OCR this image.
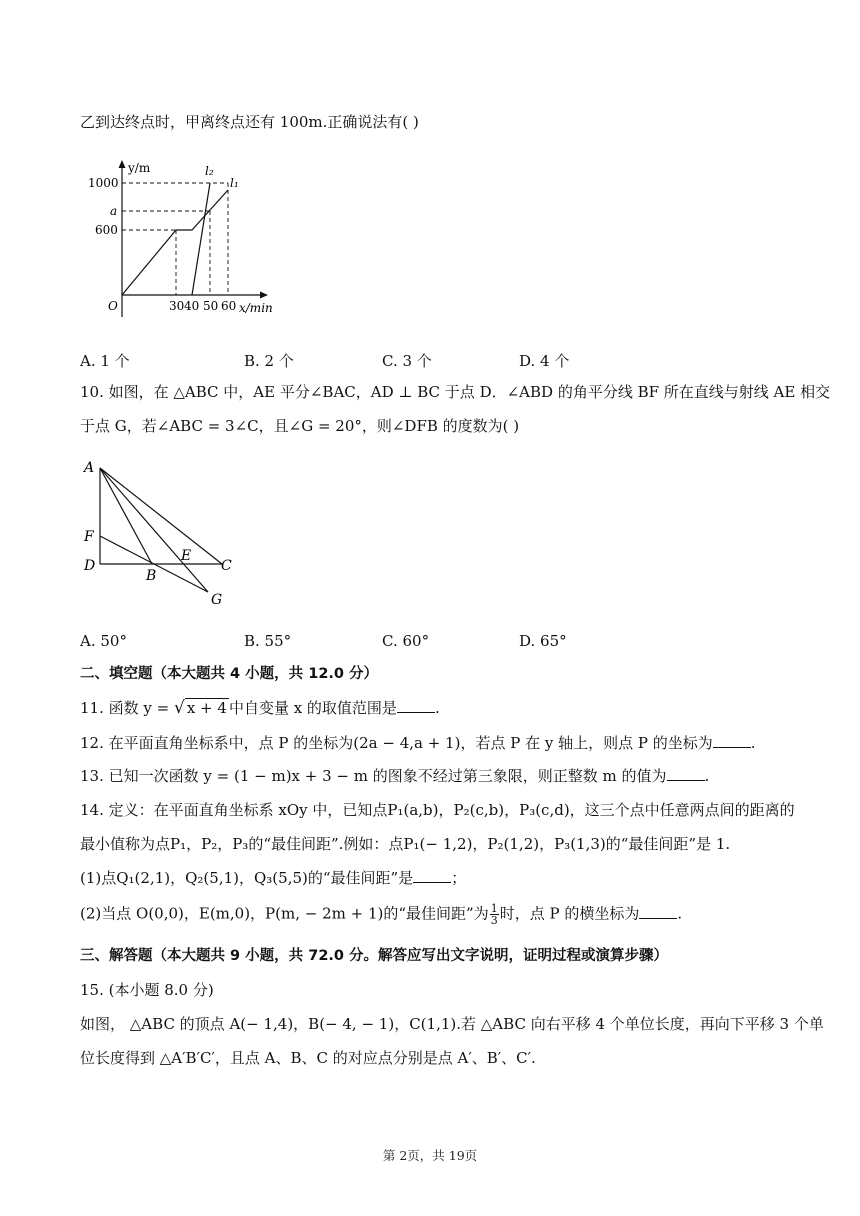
乙到达终点时，甲离终点还有 100m.正确说法有( )
y/m
x/min
O
1000
a
600
30 40 50 60
l₂
l₁
A. 1 个	B. 2 个	C. 3 个	D. 4 个
10. 如图，在 △ABC 中，AE 平分∠BAC，AD ⊥ BC 于点 D．∠ABD 的角平分线 BF 所在直线与射线 AE 相交
于点 G，若∠ABC = 3∠C，且∠G = 20°，则∠DFB 的度数为( )
A
F
D
B
E
C
G
A. 50°	B. 55°	C. 60°	D. 65°
二、填空题（本大题共 4 小题，共 12.0 分）
11. 函数 y = √ x + 4 中自变量 x 的取值范围是	.
12. 在平面直角坐标系中，点 P 的坐标为(2a − 4,a + 1)，若点 P 在 y 轴上，则点 P 的坐标为	.
13. 已知一次函数 y = (1 − m)x + 3 − m 的图象不经过第三象限，则正整数 m 的值为	.
14. 定义：在平面直角坐标系 xOy 中，已知点P₁(a,b)，P₂(c,b)，P₃(c,d)，这三个点中任意两点间的距离的
最小值称为点P₁，P₂，P₃的“最佳间距”.例如：点P₁(− 1,2)，P₂(1,2)，P₃(1,3)的“最佳间距”是 1.
(1)点Q₁(2,1)，Q₂(5,1)，Q₃(5,5)的“最佳间距”是	；
(2)当点 O(0,0)，E(m,0)，P(m, − 2m + 1)的“最佳间距”为 $\frac{1}{3}$ 时，点 P 的横坐标为	.
三、解答题（本大题共 9 小题，共 72.0 分。解答应写出文字说明，证明过程或演算步骤）
15. (本小题 8.0 分)
如图， △ABC 的顶点 A(− 1,4)，B(− 4, − 1)，C(1,1).若 △ABC 向右平移 4 个单位长度，再向下平移 3 个单
位长度得到 △A′B′C′，且点 A、B、C 的对应点分别是点 A′、B′、C′.
第 2页，共 19页
